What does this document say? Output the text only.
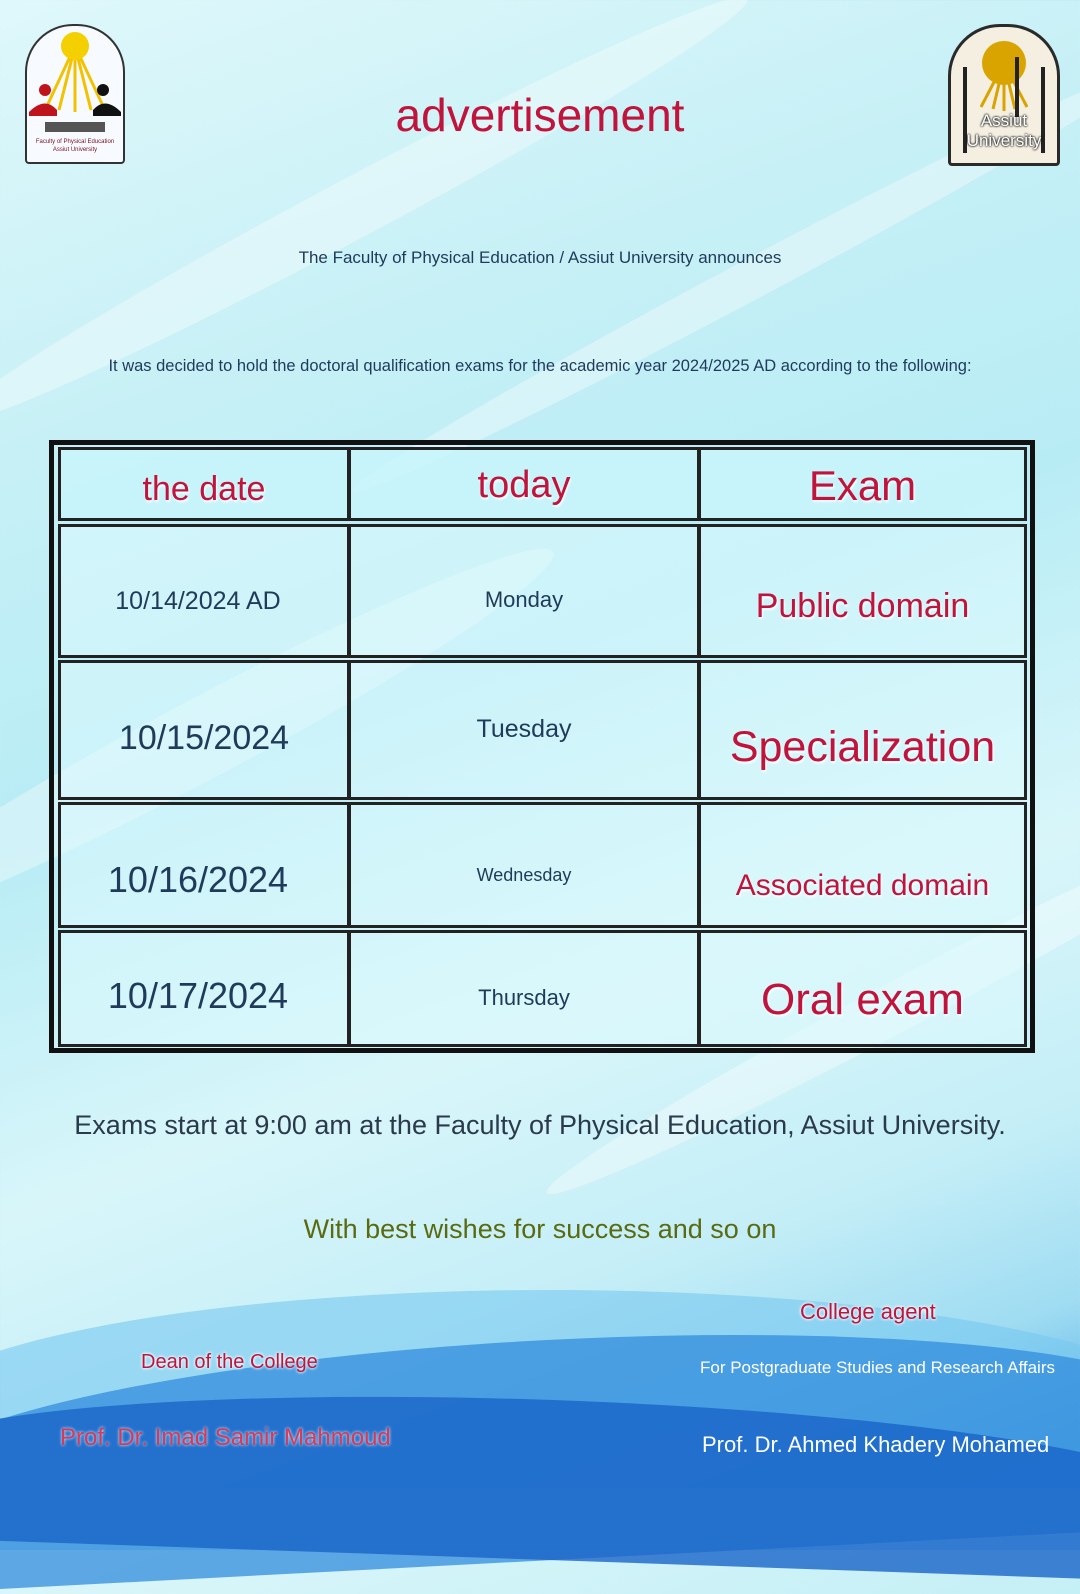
Faculty of Physical Education Assiut University
Assiut
University
advertisement
The Faculty of Physical Education / Assiut University announces
It was decided to hold the doctoral qualification exams for the academic year 2024/2025 AD according to the following:
the date	today	Exam
10/14/2024 AD	Monday	Public domain
10/15/2024	Tuesday	Specialization
10/16/2024	Wednesday	Associated domain
10/17/2024	Thursday	Oral exam
Exams start at 9:00 am at the Faculty of Physical Education, Assiut University.
With best wishes for success and so on
College agent
For Postgraduate Studies and Research Affairs
Dean of the College
Prof. Dr. Imad Samir Mahmoud	Prof. Dr. Ahmed Khadery Mohamed
